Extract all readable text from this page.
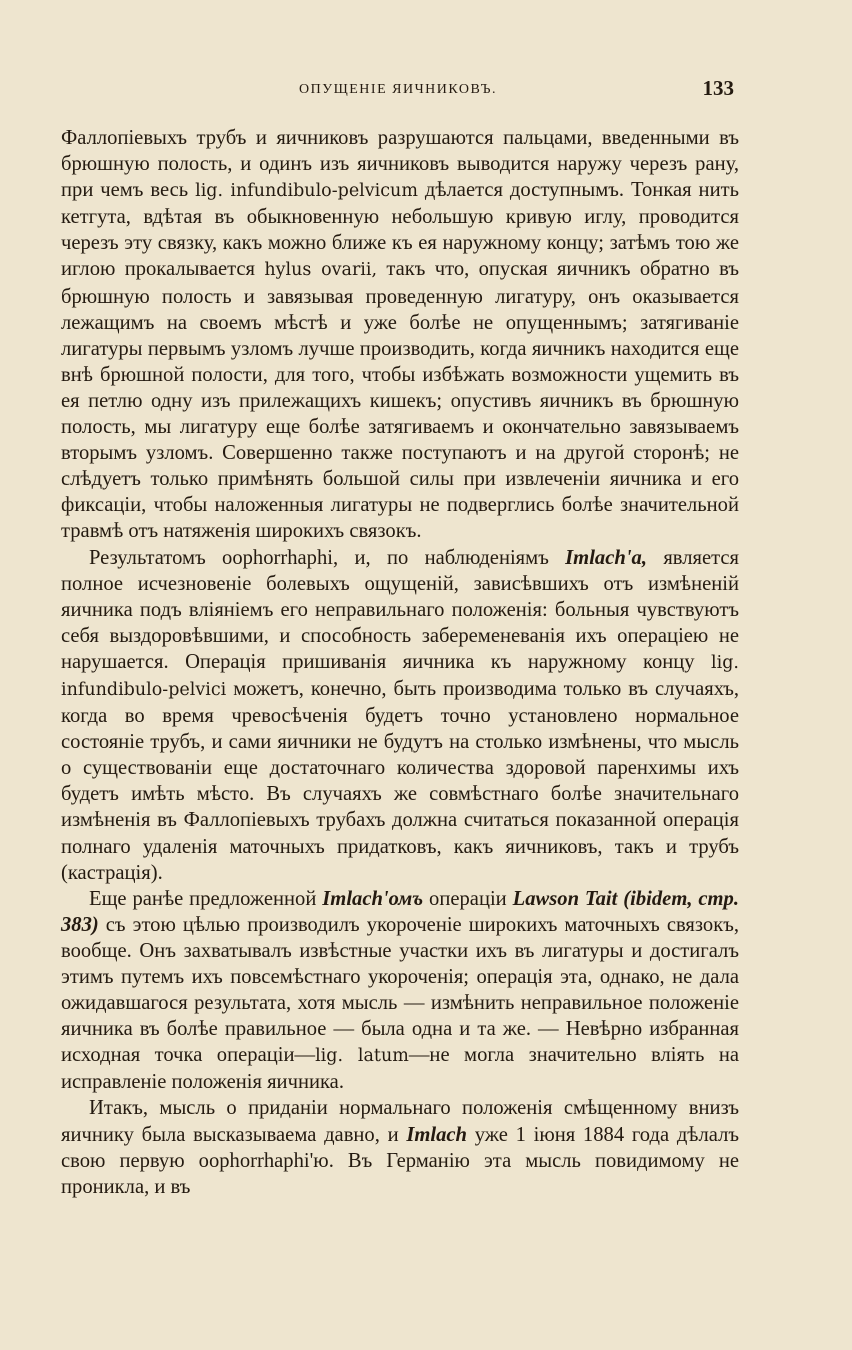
ОПУЩЕНІЕ ЯИЧНИКОВЪ.	133

Фаллопіевыхъ трубъ и яичниковъ разрушаются пальцами, введенными въ брюшную полость, и одинъ изъ яичниковъ выводится наружу черезъ рану, при чемъ весь lig. infundibulo-pelvicum дѣлается доступнымъ. Тонкая нить кетгута, вдѣтая въ обыкновенную небольшую кривую иглу, проводится черезъ эту связку, какъ можно ближе къ ея наружному концу; затѣмъ тою же иглою прокалывается hylus ovarii, такъ что, опуская яичникъ обратно въ брюшную полость и завязывая проведенную лигатуру, онъ оказывается лежащимъ на своемъ мѣстѣ и уже болѣе не опущеннымъ; затягиваніе лигатуры первымъ узломъ лучше производить, когда яичникъ находится еще внѣ брюшной полости, для того, чтобы избѣжать возможности ущемить въ ея петлю одну изъ прилежащихъ кишекъ; опустивъ яичникъ въ брюшную полость, мы лигатуру еще болѣе затягиваемъ и окончательно завязываемъ вторымъ узломъ. Совершенно также поступаютъ и на другой сторонѣ; не слѣдуетъ только примѣнять большой силы при извлеченіи яичника и его фиксаціи, чтобы наложенныя лигатуры не подверглись болѣе значительной травмѣ отъ натяженія широкихъ связокъ.

Результатомъ оорhоrrhаphі, и, по наблюденіямъ Imlach'a, является полное исчезновеніе болевыхъ ощущеній, зависѣвшихъ отъ измѣненій яичника подъ вліяніемъ его неправильнаго положенія: больныя чувствуютъ себя выздоровѣвшими, и способность забеременеванія ихъ операціею не нарушается. Операція пришиванія яичника къ наружному концу lig. infundibulo-pelvici можетъ, конечно, быть производима только въ случаяхъ, когда во время чревосѣченія будетъ точно установлено нормальное состояніе трубъ, и сами яичники не будутъ на столько измѣнены, что мысль о существованіи еще достаточнаго количества здоровой паренхимы ихъ будетъ имѣть мѣсто. Въ случаяхъ же совмѣстнаго болѣе значительнаго измѣненія въ Фаллопіевыхъ трубахъ должна считаться показанной операція полнаго удаленія маточныхъ придатковъ, какъ яичниковъ, такъ и трубъ (кастрація).

Еще ранѣе предложенной Imlach'омъ операціи Lawson Tait (ibidem, стр. 383) съ этою цѣлью производилъ укороченіе широкихъ маточныхъ связокъ, вообще. Онъ захватывалъ извѣстные участки ихъ въ лигатуры и достигалъ этимъ путемъ ихъ повсемѣстнаго укороченія; операція эта, однако, не дала ожидавшагося результата, хотя мысль — измѣнить неправильное положеніе яичника въ болѣе правильное — была одна и та же. — Невѣрно избранная исходная точка операціи—lig. latum—не могла значительно вліять на исправленіе положенія яичника.

Итакъ, мысль о приданіи нормальнаго положенія смѣщенному внизъ яичнику была высказываема давно, и Imlach уже 1 іюня 1884 года дѣлалъ свою первую оорhоrrhаphі'ю. Въ Германію эта мысль повидимому не проникла, и въ
